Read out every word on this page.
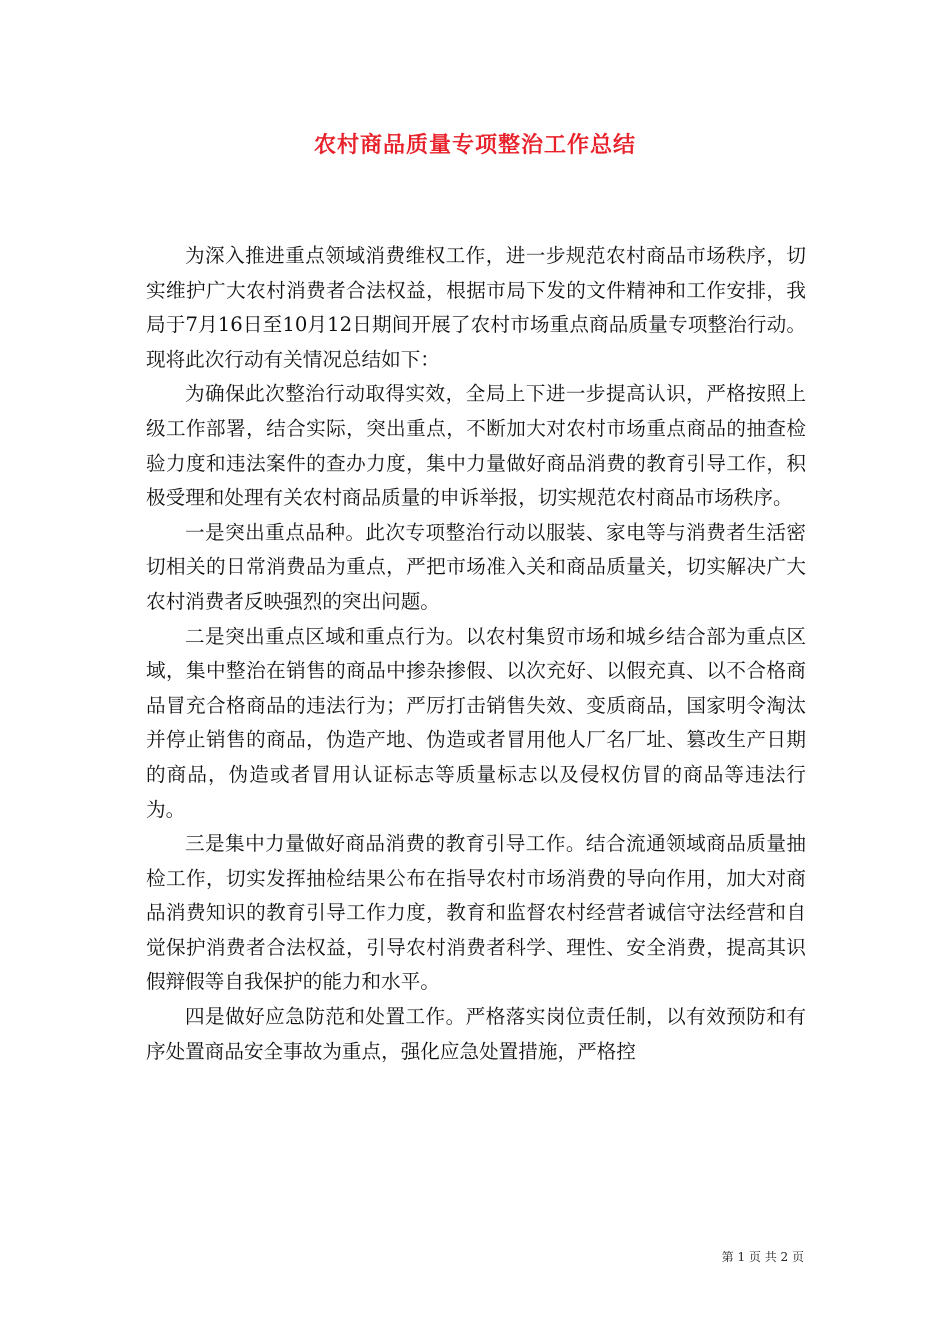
农村商品质量专项整治工作总结

为深入推进重点领域消费维权工作，进一步规范农村商品市场秩序，切实维护广大农村消费者合法权益，根据市局下发的文件精神和工作安排，我局于7月16日至10月12日期间开展了农村市场重点商品质量专项整治行动。现将此次行动有关情况总结如下：

为确保此次整治行动取得实效，全局上下进一步提高认识，严格按照上级工作部署，结合实际，突出重点，不断加大对农村市场重点商品的抽查检验力度和违法案件的查办力度，集中力量做好商品消费的教育引导工作，积极受理和处理有关农村商品质量的申诉举报，切实规范农村商品市场秩序。

一是突出重点品种。此次专项整治行动以服装、家电等与消费者生活密切相关的日常消费品为重点，严把市场准入关和商品质量关，切实解决广大农村消费者反映强烈的突出问题。

二是突出重点区域和重点行为。以农村集贸市场和城乡结合部为重点区域，集中整治在销售的商品中掺杂掺假、以次充好、以假充真、以不合格商品冒充合格商品的违法行为；严厉打击销售失效、变质商品，国家明令淘汰并停止销售的商品，伪造产地、伪造或者冒用他人厂名厂址、篡改生产日期的商品，伪造或者冒用认证标志等质量标志以及侵权仿冒的商品等违法行为。

三是集中力量做好商品消费的教育引导工作。结合流通领域商品质量抽检工作，切实发挥抽检结果公布在指导农村市场消费的导向作用，加大对商品消费知识的教育引导工作力度，教育和监督农村经营者诚信守法经营和自觉保护消费者合法权益，引导农村消费者科学、理性、安全消费，提高其识假辩假等自我保护的能力和水平。

四是做好应急防范和处置工作。严格落实岗位责任制，以有效预防和有序处置商品安全事故为重点，强化应急处置措施，严格控

第 1 页 共 2 页
